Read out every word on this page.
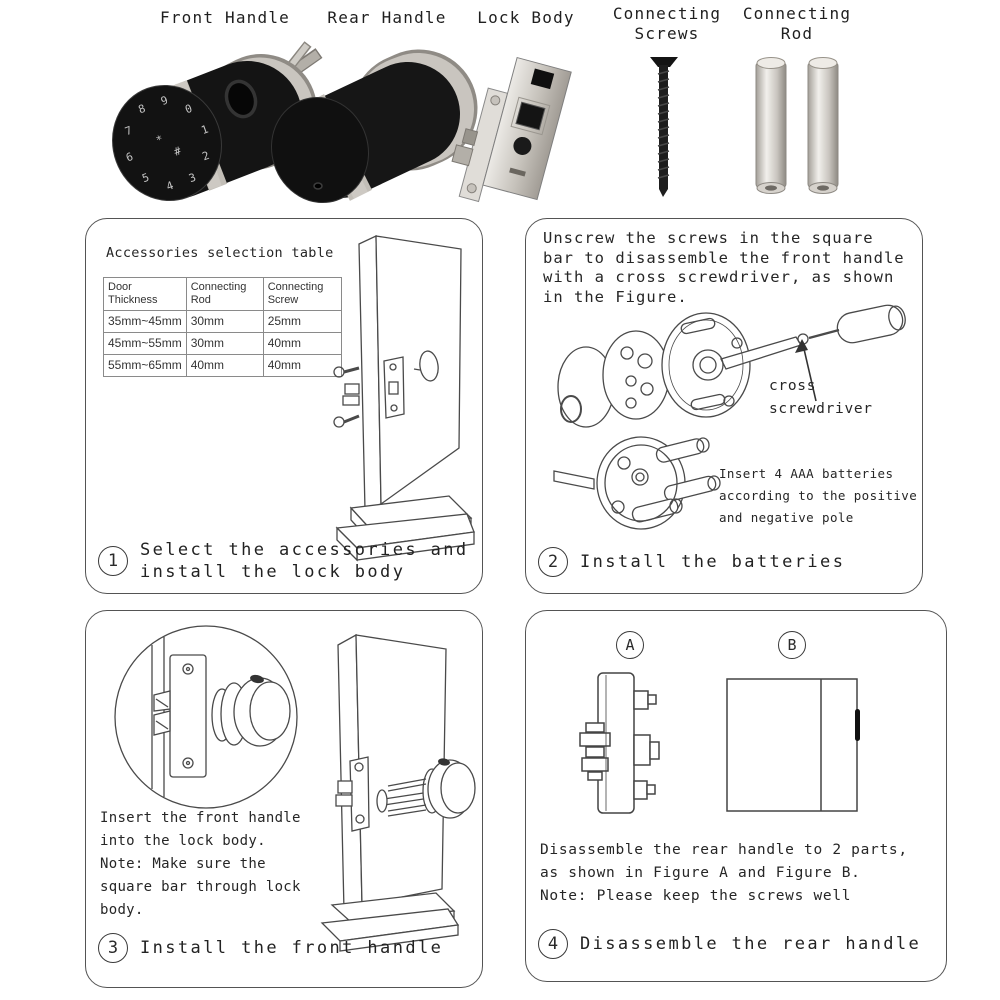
Front Handle	Rear Handle	Lock Body	Connecting
Screws
Connecting
Rod
8
9
0
1
2
3
4
5
6
7
*
#
Accessories selection table
Door Thickness	Connecting Rod	Connecting Screw
35mm~45mm	30mm	25mm
45mm~55mm	30mm	40mm
55mm~65mm	40mm	40mm
1
Select the accessories and
install the lock body
Unscrew the screws in the square
bar to disassemble the front handle
with a cross screwdriver, as shown
in the Figure.
cross
screwdriver
Insert 4 AAA batteries
according to the positive
and negative pole
2	Install the batteries
Insert the front handle
into the lock body.
Note: Make sure the
square bar through lock
body.
3	Install the front handle
A	B
Disassemble the rear handle to 2 parts,
as shown in Figure A and Figure B.
Note: Please keep the screws well
4	Disassemble the rear handle
